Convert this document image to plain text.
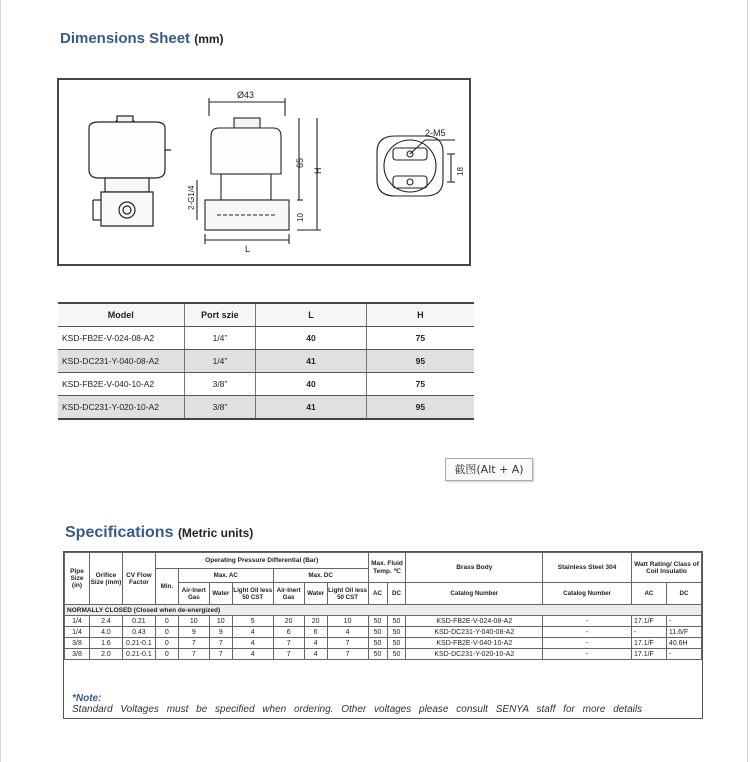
Dimensions Sheet (mm)
Ø43
2-G1/4
65
H
10
L
2-M5
18
Model	Port szie	L	H
KSD-FB2E-V-024-08-A2	1/4”	40	75
KSD-DC231-Y-040-08-A2	1/4”	41	95
KSD-FB2E-V-040-10-A2	3/8”	40	75
KSD-DC231-Y-020-10-A2	3/8”	41	95
截图(Alt + A)
Specifications (Metric units)
Pipe Size (in)	Orifice Size (mm)	CV Flow Factor	Operating Pressure Differential (Bar)							Max. Fluid Temp. ℃		Brass Body	Stainless Steel 304	Watt Rating/ Class of Coil Insulatio	
			Min.	Max. AC			Max. DC								
				Air-Inert Gas	Water	Light Oil less 50 CST	Air-Inert Gas	Water	Light Oil less 50 CST	AC	DC	Catalog Number	Catalog Number	AC	DC
NORMALLY CLOSED (Closed when de-energized)															
1/4	2.4	0.21	0	10	10	5	20	20	10	50	50	KSD-FB2E-V-024-08-A2	-	17.1/F	-
1/4	4.0	0.43	0	9	9	4	6	6	4	50	50	KSD-DC231-Y-040-08-A2	-	-	11.6/F
3/8	1.6	0.21-0.1	0	7	7	4	7	4	7	50	50	KSD-FB2E-V-040-10-A2	-	17.1/F	40.6H
3/8	2.0	0.21-0.1	0	7	7	4	7	4	7	50	50	KSD-DC231-Y-020-10-A2	-	17.1/F	-
*Note:
Standard Voltages must be specified when ordering. Other voltages please consult SENYA staff for more details
